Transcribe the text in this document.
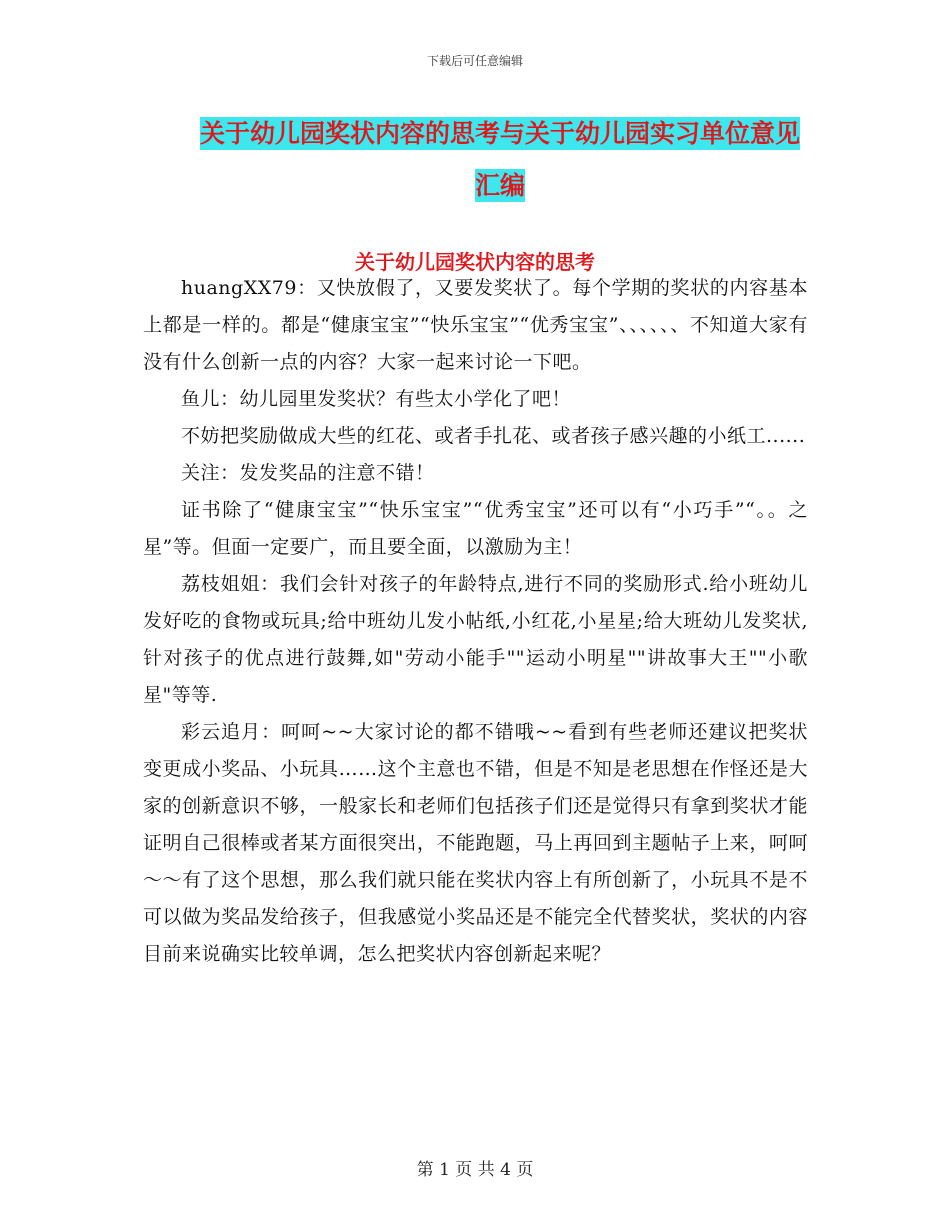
下载后可任意编辑
关于幼儿园奖状内容的思考与关于幼儿园实习单位意见汇编
关于幼儿园奖状内容的思考

huangXX79：又快放假了，又要发奖状了。每个学期的奖状的内容基本上都是一样的。都是“健康宝宝”“快乐宝宝”“优秀宝宝”、、、、、、不知道大家有没有什么创新一点的内容？大家一起来讨论一下吧。

鱼儿：幼儿园里发奖状？有些太小学化了吧！

不妨把奖励做成大些的红花、或者手扎花、或者孩子感兴趣的小纸工......

关注：发发奖品的注意不错！

证书除了“健康宝宝”“快乐宝宝”“优秀宝宝”还可以有“小巧手”“。。之星”等。但面一定要广，而且要全面，以激励为主！

荔枝姐姐：我们会针对孩子的年龄特点,进行不同的奖励形式.给小班幼儿发好吃的食物或玩具;给中班幼儿发小帖纸,小红花,小星星;给大班幼儿发奖状,针对孩子的优点进行鼓舞,如"劳动小能手""运动小明星""讲故事大王""小歌星"等等.

彩云追月：呵呵~~大家讨论的都不错哦~~看到有些老师还建议把奖状变更成小奖品、小玩具……这个主意也不错，但是不知是老思想在作怪还是大家的创新意识不够，一般家长和老师们包括孩子们还是觉得只有拿到奖状才能证明自己很棒或者某方面很突出，不能跑题，马上再回到主题帖子上来，呵呵～～有了这个思想，那么我们就只能在奖状内容上有所创新了，小玩具不是不可以做为奖品发给孩子，但我感觉小奖品还是不能完全代替奖状，奖状的内容目前来说确实比较单调，怎么把奖状内容创新起来呢？

第 1 页 共 4 页
